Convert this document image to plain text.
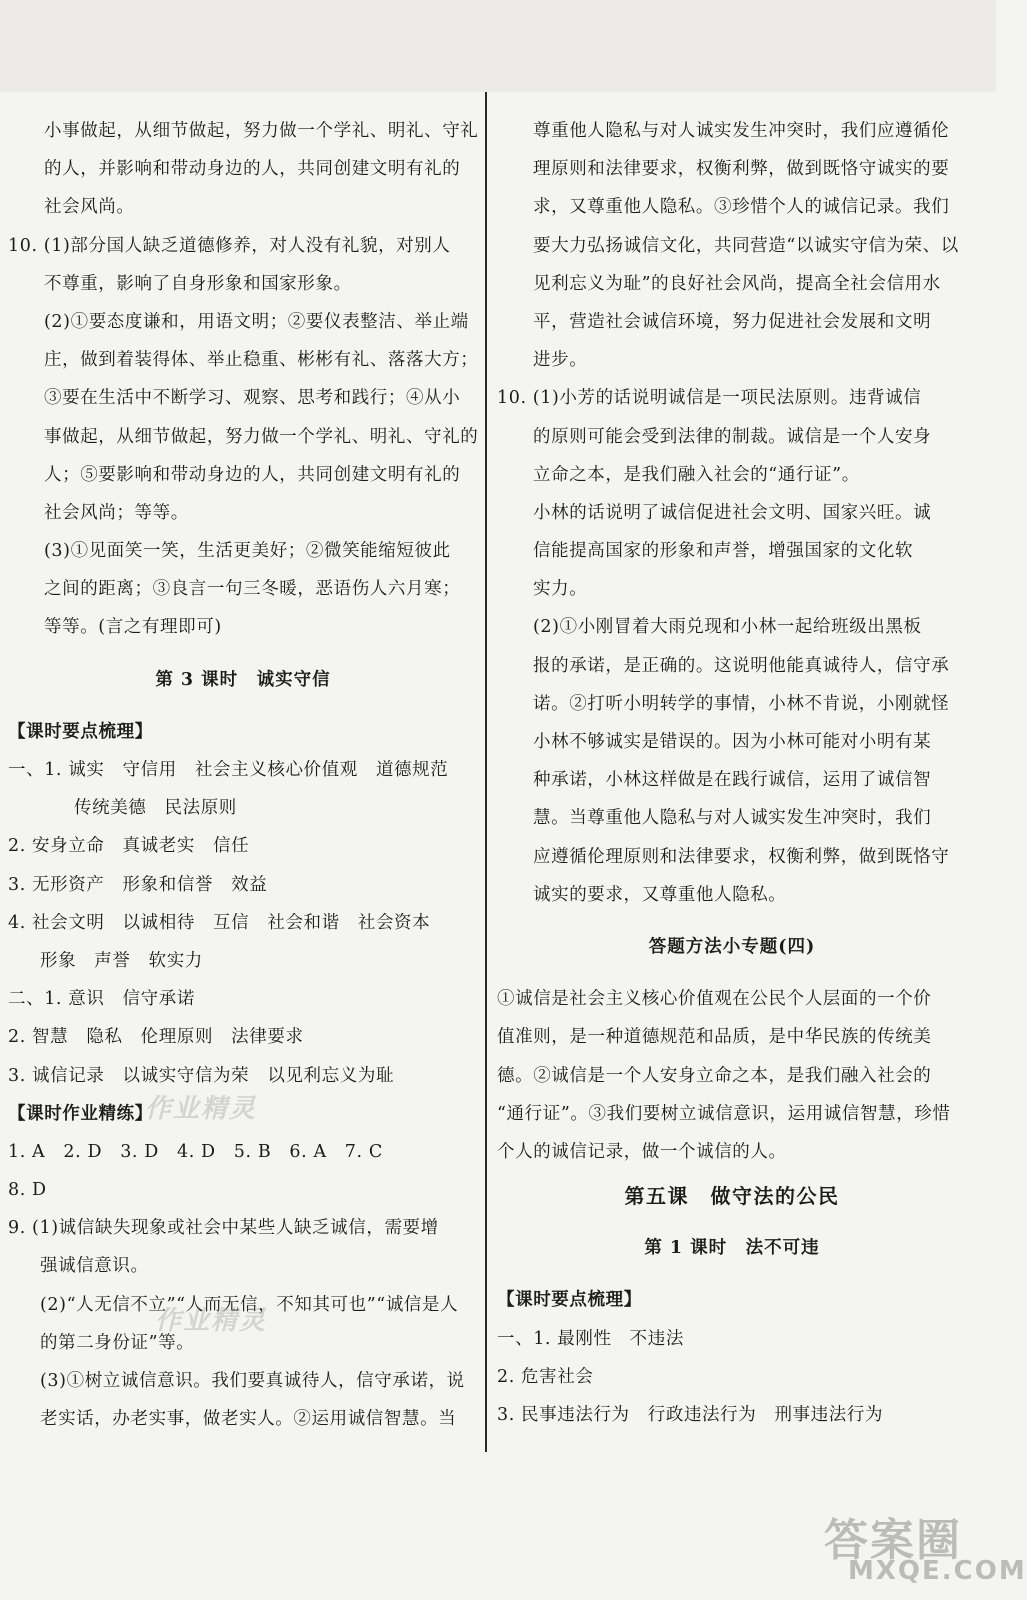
小事做起，从细节做起，努力做一个学礼、明礼、守礼
的人，并影响和带动身边的人，共同创建文明有礼的
社会风尚。
10. (1)部分国人缺乏道德修养，对人没有礼貌，对别人
不尊重，影响了自身形象和国家形象。
(2)①要态度谦和，用语文明；②要仪表整洁、举止端
庄，做到着装得体、举止稳重、彬彬有礼、落落大方；
③要在生活中不断学习、观察、思考和践行；④从小
事做起，从细节做起，努力做一个学礼、明礼、守礼的
人；⑤要影响和带动身边的人，共同创建文明有礼的
社会风尚；等等。
(3)①见面笑一笑，生活更美好；②微笑能缩短彼此
之间的距离；③良言一句三冬暖，恶语伤人六月寒；
等等。(言之有理即可)
第 3 课时　诚实守信
【课时要点梳理】
一、1. 诚实　守信用　社会主义核心价值观　道德规范
传统美德　民法原则
2. 安身立命　真诚老实　信任
3. 无形资产　形象和信誉　效益
4. 社会文明　以诚相待　互信　社会和谐　社会资本
形象　声誉　软实力
二、1. 意识　信守承诺
2. 智慧　隐私　伦理原则　法律要求
3. 诚信记录　以诚实守信为荣　以见利忘义为耻
【课时作业精练】
1. A　2. D　3. D　4. D　5. B　6. A　7. C
8. D
9. (1)诚信缺失现象或社会中某些人缺乏诚信，需要增
强诚信意识。
(2)“人无信不立”“人而无信，不知其可也”“诚信是人
的第二身份证”等。
(3)①树立诚信意识。我们要真诚待人，信守承诺，说
老实话，办老实事，做老实人。②运用诚信智慧。当
尊重他人隐私与对人诚实发生冲突时，我们应遵循伦
理原则和法律要求，权衡利弊，做到既恪守诚实的要
求，又尊重他人隐私。③珍惜个人的诚信记录。我们
要大力弘扬诚信文化，共同营造“以诚实守信为荣、以
见利忘义为耻”的良好社会风尚，提高全社会信用水
平，营造社会诚信环境，努力促进社会发展和文明
进步。
10. (1)小芳的话说明诚信是一项民法原则。违背诚信
的原则可能会受到法律的制裁。诚信是一个人安身
立命之本，是我们融入社会的“通行证”。
小林的话说明了诚信促进社会文明、国家兴旺。诚
信能提高国家的形象和声誉，增强国家的文化软
实力。
(2)①小刚冒着大雨兑现和小林一起给班级出黑板
报的承诺，是正确的。这说明他能真诚待人，信守承
诺。②打听小明转学的事情，小林不肯说，小刚就怪
小林不够诚实是错误的。因为小林可能对小明有某
种承诺，小林这样做是在践行诚信，运用了诚信智
慧。当尊重他人隐私与对人诚实发生冲突时，我们
应遵循伦理原则和法律要求，权衡利弊，做到既恪守
诚实的要求，又尊重他人隐私。
答题方法小专题(四)
①诚信是社会主义核心价值观在公民个人层面的一个价
值准则，是一种道德规范和品质，是中华民族的传统美
德。②诚信是一个人安身立命之本，是我们融入社会的
“通行证”。③我们要树立诚信意识，运用诚信智慧，珍惜
个人的诚信记录，做一个诚信的人。
第五课　做守法的公民
第 1 课时　法不可违
【课时要点梳理】
一、1. 最刚性　不违法
2. 危害社会
3. 民事违法行为　行政违法行为　刑事违法行为
作业精灵
作业精灵
答案圈
MXQE.COM
